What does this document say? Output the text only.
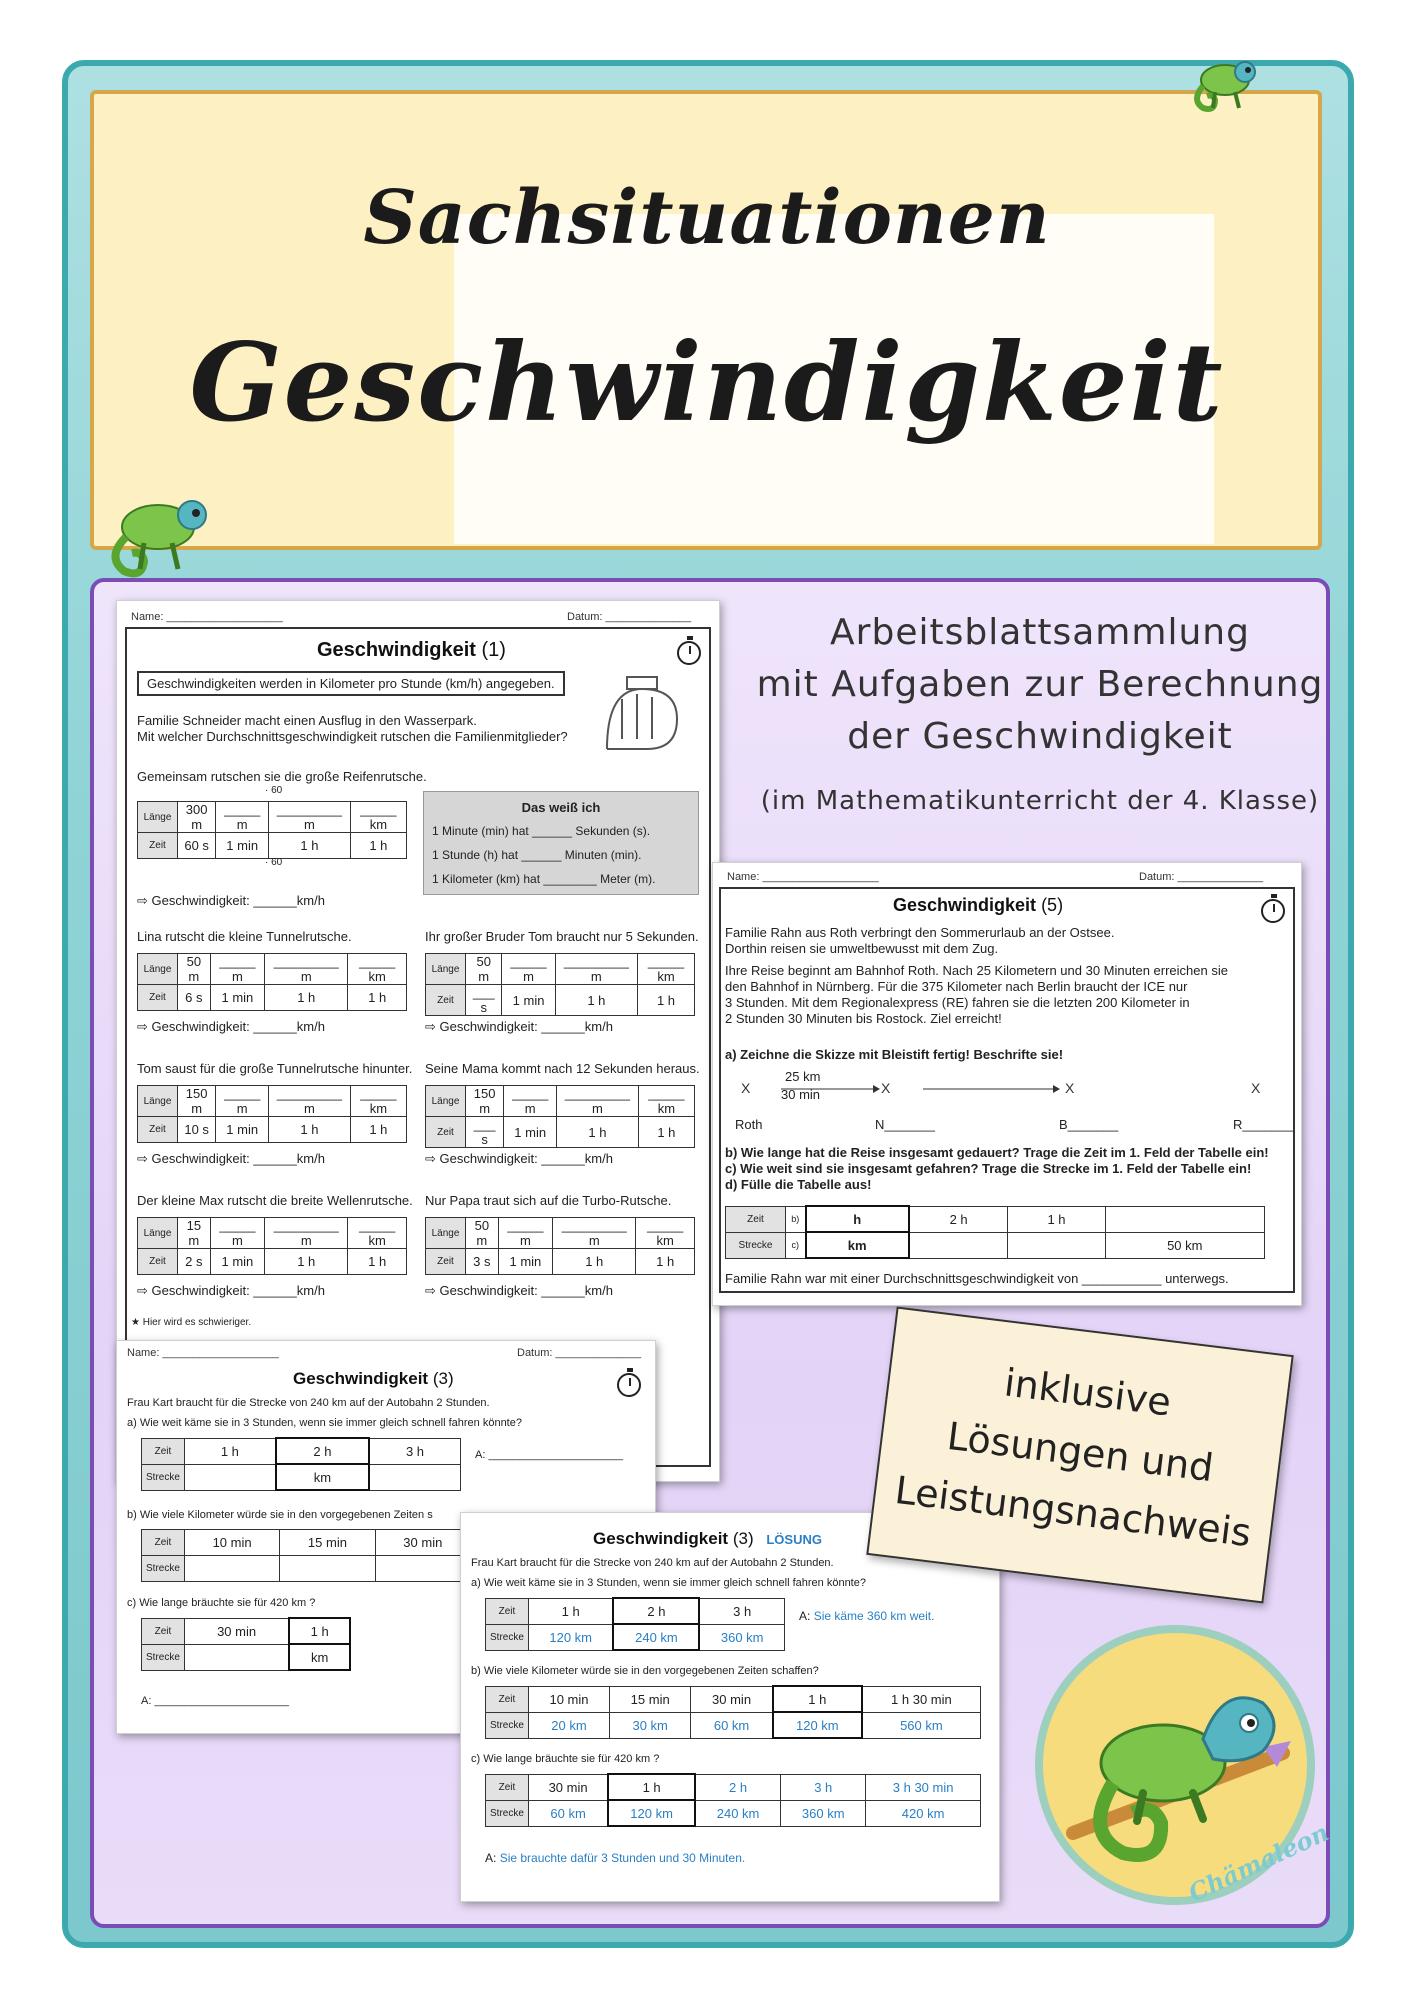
Sachsituationen
Geschwindigkeit
Arbeitsblattsammlung
mit Aufgaben zur Berechnung
der Geschwindigkeit
(im Mathematikunterricht der 4. Klasse)
Name: ___________________	Datum: ______________
Geschwindigkeit (1)
Geschwindigkeiten werden in Kilometer pro Stunde (km/h) angegeben.
Familie Schneider macht einen Ausflug in den Wasserpark.
Mit welcher Durchschnittsgeschwindigkeit rutschen die Familienmitglieder?
Gemeinsam rutschen sie die große Reifenrutsche.
· 60
Länge	300 m	_____ m	_________ m	_____ km
Zeit	60 s	1 min	1 h	1 h
· 60
Das weiß ich
1 Minute (min) hat ______ Sekunden (s).
1 Stunde (h) hat ______ Minuten (min).
1 Kilometer (km) hat ________ Meter (m).
⇨ Geschwindigkeit: ______km/h
Lina rutscht die kleine Tunnelrutsche.	Ihr großer Bruder Tom braucht nur 5 Sekunden.
Länge	50 m	_____ m	_________ m	_____ km
Zeit	6 s	1 min	1 h	1 h
Länge	50 m	_____ m	_________ m	_____ km
Zeit	___ s	1 min	1 h	1 h
⇨ Geschwindigkeit: ______km/h	⇨ Geschwindigkeit: ______km/h
Tom saust für die große Tunnelrutsche hinunter. Seine Mama kommt nach 12 Sekunden heraus.
Länge	150 m	_____ m	_________ m	_____ km
Zeit	10 s	1 min	1 h	1 h
Länge	150 m	_____ m	_________ m	_____ km
Zeit	___ s	1 min	1 h	1 h
⇨ Geschwindigkeit: ______km/h	⇨ Geschwindigkeit: ______km/h
Der kleine Max rutscht die breite Wellenrutsche. Nur Papa traut sich auf die Turbo-Rutsche.
Länge	15 m	_____ m	_________ m	_____ km
Zeit	2 s	1 min	1 h	1 h
Länge	50 m	_____ m	_________ m	_____ km
Zeit	3 s	1 min	1 h	1 h
⇨ Geschwindigkeit: ______km/h	⇨ Geschwindigkeit: ______km/h
★ Hier wird es schwieriger.
Name: ___________________	Datum: ______________
Geschwindigkeit (5)
Familie Rahn aus Roth verbringt den Sommerurlaub an der Ostsee.
Dorthin reisen sie umweltbewusst mit dem Zug.
Ihre Reise beginnt am Bahnhof Roth. Nach 25 Kilometern und 30 Minuten erreichen sie
den Bahnhof in Nürnberg. Für die 375 Kilometer nach Berlin braucht der ICE nur
3 Stunden. Mit dem Regionalexpress (RE) fahren sie die letzten 200 Kilometer in
2 Stunden 30 Minuten bis Rostock. Ziel erreicht!
a) Zeichne die Skizze mit Bleistift fertig! Beschrifte sie!
25 km
30 min
X	X	X	X
Roth	N_______	B_______	R_______
b) Wie lange hat die Reise insgesamt gedauert? Trage die Zeit im 1. Feld der Tabelle ein!
c) Wie weit sind sie insgesamt gefahren? Trage die Strecke im 1. Feld der Tabelle ein!
d) Fülle die Tabelle aus!
Zeit	b)	h	2 h	1 h	
Strecke	c)	km			50 km
Familie Rahn war mit einer Durchschnittsgeschwindigkeit von ___________ unterwegs.
Name: ___________________	Datum: ______________
Geschwindigkeit (3)
Frau Kart braucht für die Strecke von 240 km auf der Autobahn 2 Stunden.
a) Wie weit käme sie in 3 Stunden, wenn sie immer gleich schnell fahren könnte?
Zeit	1 h	2 h	3 h
Strecke		km	
A: ______________________
b) Wie viele Kilometer würde sie in den vorgegebenen Zeiten s
Zeit	10 min	15 min	30 min
Strecke			
c) Wie lange bräuchte sie für 420 km ?
Zeit	30 min	1 h
Strecke		km
A: ______________________
Geschwindigkeit (3) LÖSUNG
Frau Kart braucht für die Strecke von 240 km auf der Autobahn 2 Stunden.
a) Wie weit käme sie in 3 Stunden, wenn sie immer gleich schnell fahren könnte?
Zeit	1 h	2 h	3 h
Strecke	120 km	240 km	360 km
A: Sie käme 360 km weit.
b) Wie viele Kilometer würde sie in den vorgegebenen Zeiten schaffen?
Zeit	10 min	15 min	30 min	1 h	1 h 30 min
Strecke	20 km	30 km	60 km	120 km	560 km
c) Wie lange bräuchte sie für 420 km ?
Zeit	30 min	1 h	2 h	3 h	3 h 30 min
Strecke	60 km	120 km	240 km	360 km	420 km
A: Sie brauchte dafür 3 Stunden und 30 Minuten.
inklusive
Lösungen und
Leistungsnachweis
Chämaleon
